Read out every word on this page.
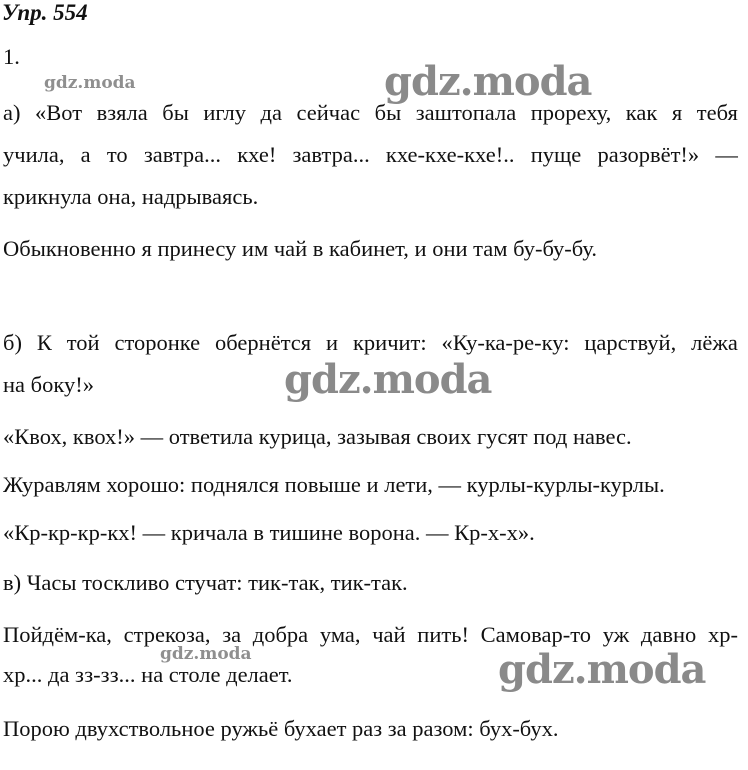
Упр. 554
1.
gdz.moda	gdz.moda
gdz.moda
gdz.moda	gdz.moda
а) «Вот взяла бы иглу да сейчас бы заштопала прореху, как я тебя
учила, а то завтра... кхе! завтра... кхе-кхе-кхе!.. пуще разорвёт!» —
крикнула она, надрываясь.
Обыкновенно я принесу им чай в кабинет, и они там бу-бу-бу.
б) К той сторонке обернётся и кричит: «Ку-ка-ре-ку: царствуй, лёжа
на боку!»
«Квох, квох!» — ответила курица, зазывая своих гусят под навес.
Журавлям хорошо: поднялся повыше и лети, — курлы-курлы-курлы.
«Кр-кр-кр-кх! — кричала в тишине ворона. — Кр-х-х».
в) Часы тоскливо стучат: тик-так, тик-так.
Пойдём-ка, стрекоза, за добра ума, чай пить! Самовар-то уж давно хр-
хр... да зз-зз... на столе делает.
Порою двухствольное ружьё бухает раз за разом: бух-бух.
